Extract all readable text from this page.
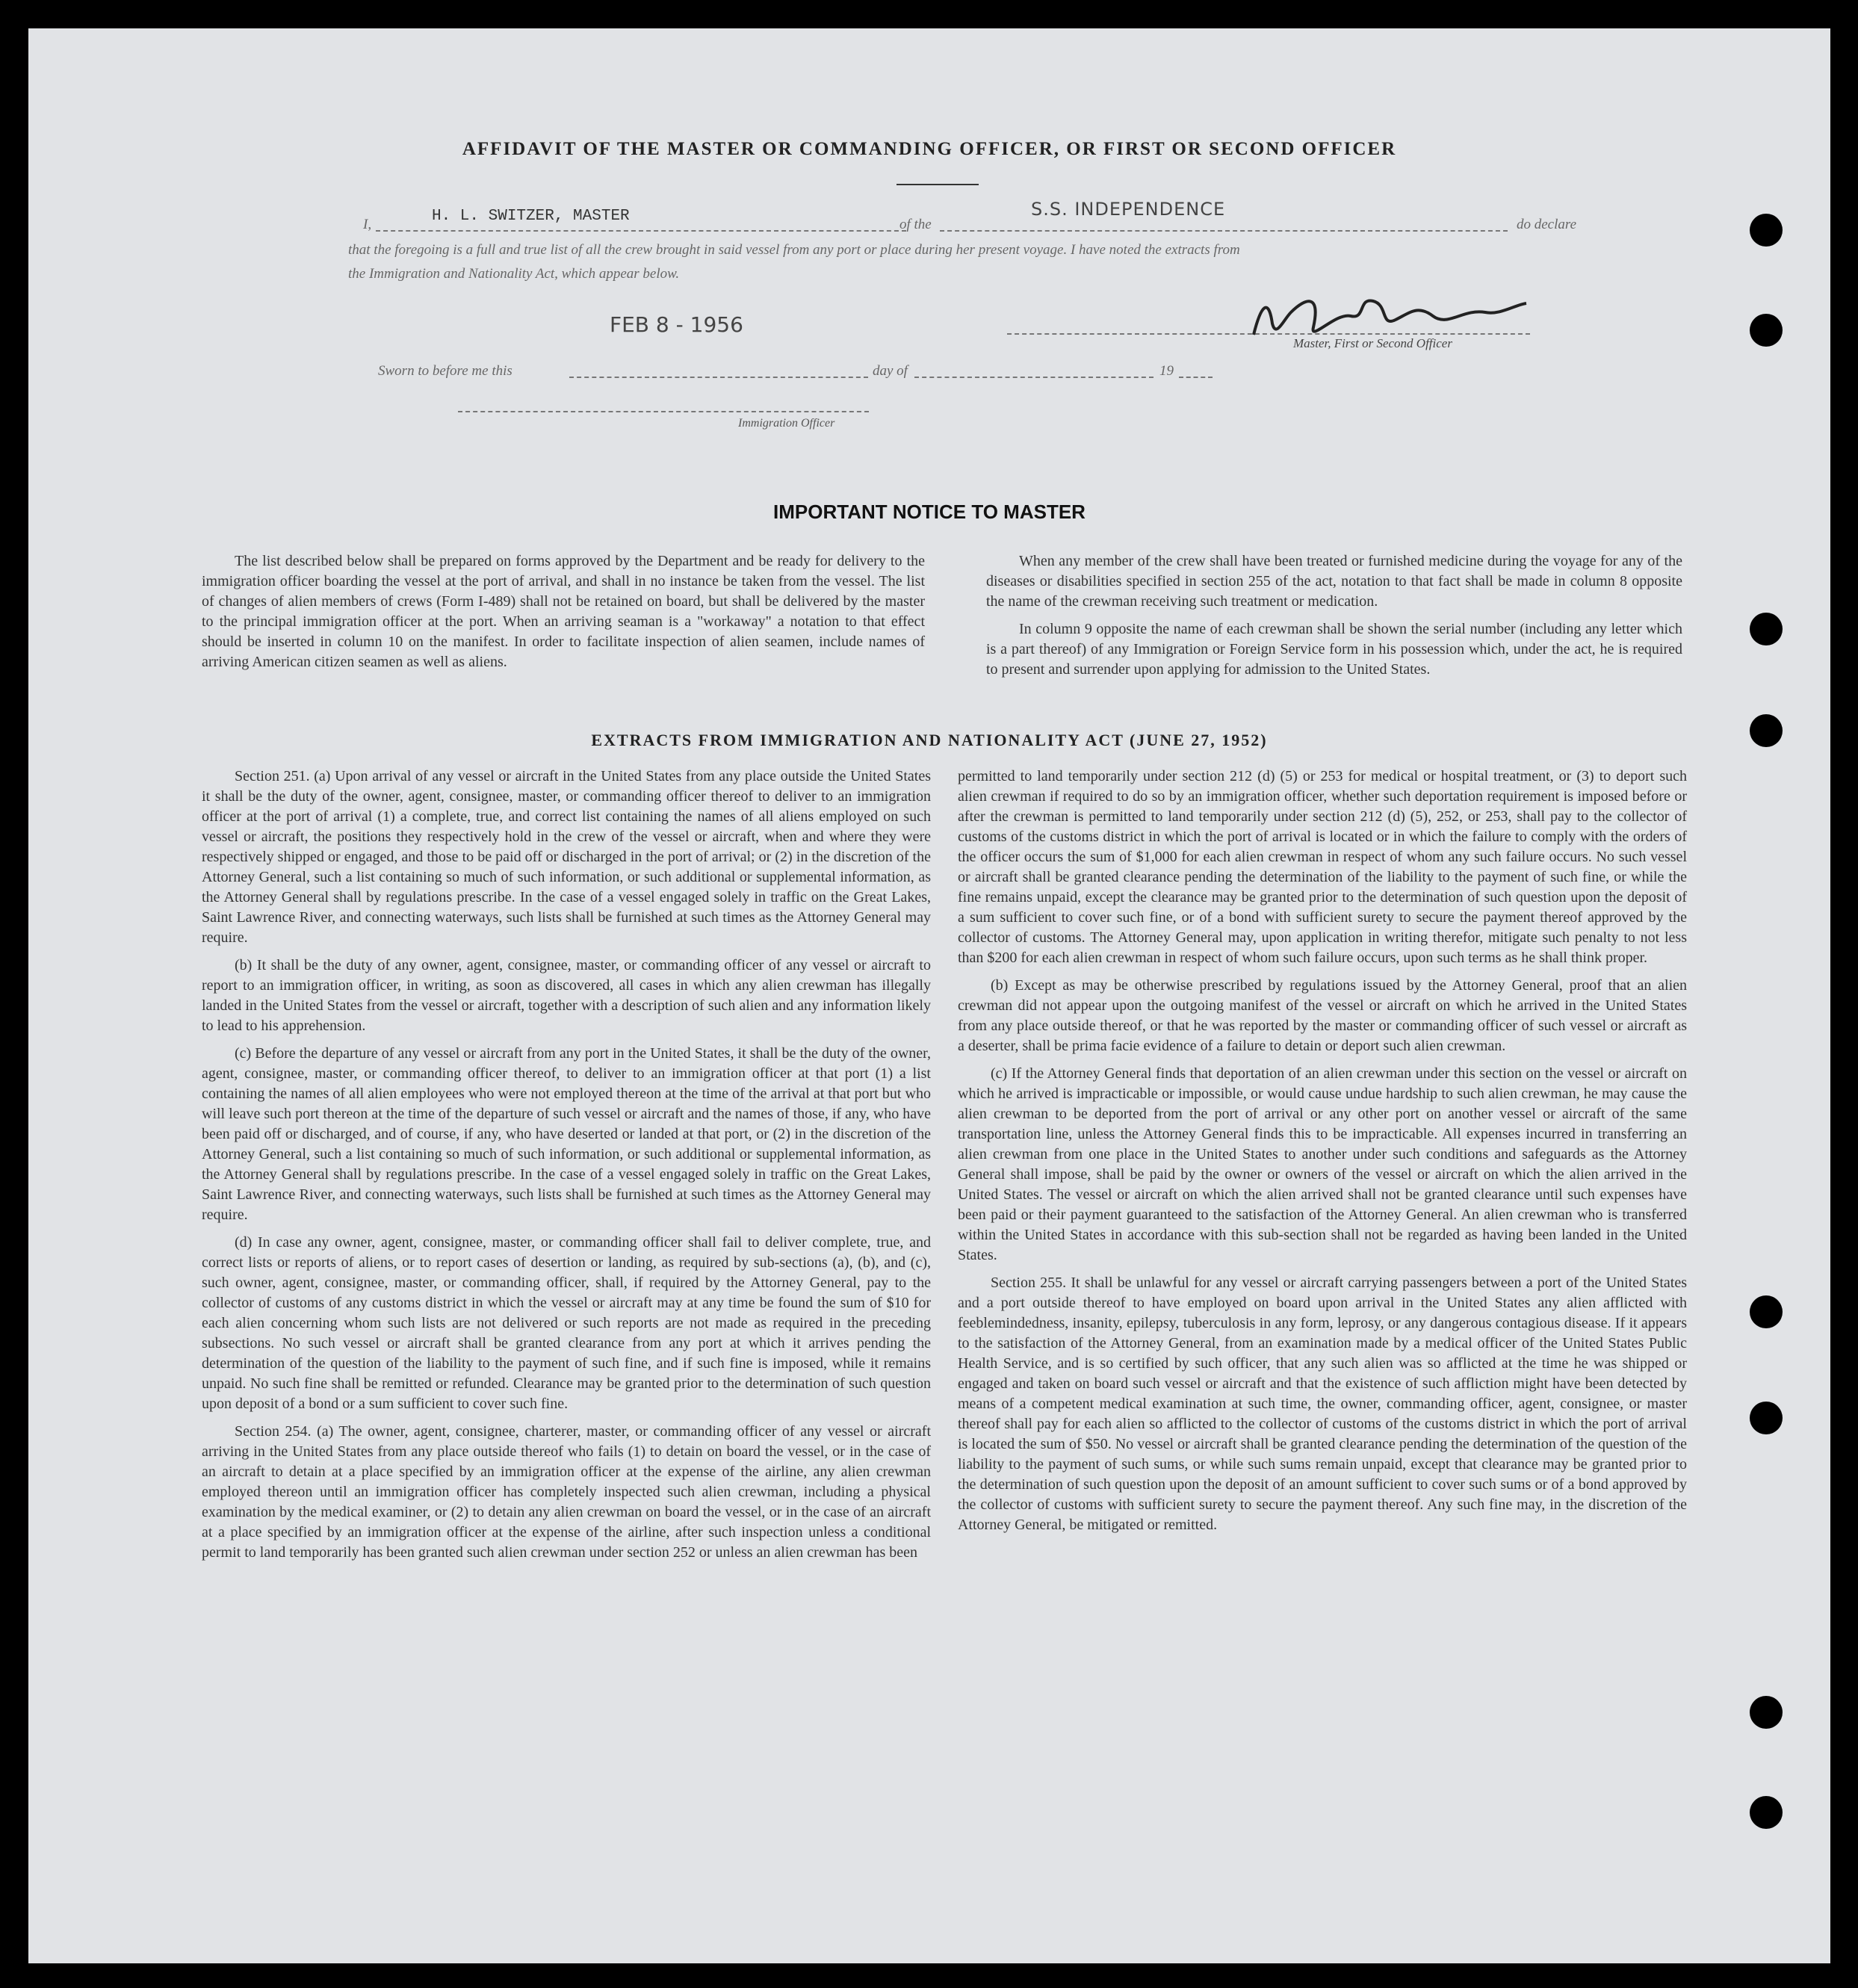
AFFIDAVIT OF THE MASTER OR COMMANDING OFFICER, OR FIRST OR SECOND OFFICER
I,	H. L. SWITZER, MASTER	of the
S.S. INDEPENDENCE
do declare
that the foregoing is a full and true list of all the crew brought in said vessel from any port or place during her present voyage. I have noted the extracts from
the Immigration and Nationality Act, which appear below.
FEB 8 - 1956
Master, First or Second Officer
Sworn to before me this	day of	19
Immigration Officer
IMPORTANT NOTICE TO MASTER

The list described below shall be prepared on forms approved by the Department and be ready for delivery to the immigration officer boarding the vessel at the port of arrival, and shall in no instance be taken from the vessel. The list of changes of alien members of crews (Form I-489) shall not be retained on board, but shall be delivered by the master to the principal immigration officer at the port. When an arriving seaman is a "workaway" a notation to that effect should be inserted in column 10 on the manifest. In order to facilitate inspection of alien seamen, include names of arriving American citizen seamen as well as aliens.

When any member of the crew shall have been treated or furnished medicine during the voyage for any of the diseases or disabilities specified in section 255 of the act, notation to that fact shall be made in column 8 opposite the name of the crewman receiving such treatment or medication.

In column 9 opposite the name of each crewman shall be shown the serial number (including any letter which is a part thereof) of any Immigration or Foreign Service form in his possession which, under the act, he is required to present and surrender upon applying for admission to the United States.

EXTRACTS FROM IMMIGRATION AND NATIONALITY ACT (JUNE 27, 1952)

Section 251. (a) Upon arrival of any vessel or aircraft in the United States from any place outside the United States it shall be the duty of the owner, agent, consignee, master, or commanding officer thereof to deliver to an immigration officer at the port of arrival (1) a complete, true, and correct list containing the names of all aliens employed on such vessel or aircraft, the positions they respectively hold in the crew of the vessel or aircraft, when and where they were respectively shipped or engaged, and those to be paid off or discharged in the port of arrival; or (2) in the discretion of the Attorney General, such a list containing so much of such information, or such additional or supplemental information, as the Attorney General shall by regulations prescribe. In the case of a vessel engaged solely in traffic on the Great Lakes, Saint Lawrence River, and connecting waterways, such lists shall be furnished at such times as the Attorney General may require.

(b) It shall be the duty of any owner, agent, consignee, master, or commanding officer of any vessel or aircraft to report to an immigration officer, in writing, as soon as discovered, all cases in which any alien crewman has illegally landed in the United States from the vessel or aircraft, together with a description of such alien and any information likely to lead to his apprehension.

(c) Before the departure of any vessel or aircraft from any port in the United States, it shall be the duty of the owner, agent, consignee, master, or commanding officer thereof, to deliver to an immigration officer at that port (1) a list containing the names of all alien employees who were not employed thereon at the time of the arrival at that port but who will leave such port thereon at the time of the departure of such vessel or aircraft and the names of those, if any, who have been paid off or discharged, and of course, if any, who have deserted or landed at that port, or (2) in the discretion of the Attorney General, such a list containing so much of such information, or such additional or supplemental information, as the Attorney General shall by regulations prescribe. In the case of a vessel engaged solely in traffic on the Great Lakes, Saint Lawrence River, and connecting waterways, such lists shall be furnished at such times as the Attorney General may require.

(d) In case any owner, agent, consignee, master, or commanding officer shall fail to deliver complete, true, and correct lists or reports of aliens, or to report cases of desertion or landing, as required by sub-sections (a), (b), and (c), such owner, agent, consignee, master, or commanding officer, shall, if required by the Attorney General, pay to the collector of customs of any customs district in which the vessel or aircraft may at any time be found the sum of $10 for each alien concerning whom such lists are not delivered or such reports are not made as required in the preceding subsections. No such vessel or aircraft shall be granted clearance from any port at which it arrives pending the determination of the question of the liability to the payment of such fine, and if such fine is imposed, while it remains unpaid. No such fine shall be remitted or refunded. Clearance may be granted prior to the determination of such question upon deposit of a bond or a sum sufficient to cover such fine.

Section 254. (a) The owner, agent, consignee, charterer, master, or commanding officer of any vessel or aircraft arriving in the United States from any place outside thereof who fails (1) to detain on board the vessel, or in the case of an aircraft to detain at a place specified by an immigration officer at the expense of the airline, any alien crewman employed thereon until an immigration officer has completely inspected such alien crewman, including a physical examination by the medical examiner, or (2) to detain any alien crewman on board the vessel, or in the case of an aircraft at a place specified by an immigration officer at the expense of the airline, after such inspection unless a conditional permit to land temporarily has been granted such alien crewman under section 252 or unless an alien crewman has been

permitted to land temporarily under section 212 (d) (5) or 253 for medical or hospital treatment, or (3) to deport such alien crewman if required to do so by an immigration officer, whether such deportation requirement is imposed before or after the crewman is permitted to land temporarily under section 212 (d) (5), 252, or 253, shall pay to the collector of customs of the customs district in which the port of arrival is located or in which the failure to comply with the orders of the officer occurs the sum of $1,000 for each alien crewman in respect of whom any such failure occurs. No such vessel or aircraft shall be granted clearance pending the determination of the liability to the payment of such fine, or while the fine remains unpaid, except the clearance may be granted prior to the determination of such question upon the deposit of a sum sufficient to cover such fine, or of a bond with sufficient surety to secure the payment thereof approved by the collector of customs. The Attorney General may, upon application in writing therefor, mitigate such penalty to not less than $200 for each alien crewman in respect of whom such failure occurs, upon such terms as he shall think proper.

(b) Except as may be otherwise prescribed by regulations issued by the Attorney General, proof that an alien crewman did not appear upon the outgoing manifest of the vessel or aircraft on which he arrived in the United States from any place outside thereof, or that he was reported by the master or commanding officer of such vessel or aircraft as a deserter, shall be prima facie evidence of a failure to detain or deport such alien crewman.

(c) If the Attorney General finds that deportation of an alien crewman under this section on the vessel or aircraft on which he arrived is impracticable or impossible, or would cause undue hardship to such alien crewman, he may cause the alien crewman to be deported from the port of arrival or any other port on another vessel or aircraft of the same transportation line, unless the Attorney General finds this to be impracticable. All expenses incurred in transferring an alien crewman from one place in the United States to another under such conditions and safeguards as the Attorney General shall impose, shall be paid by the owner or owners of the vessel or aircraft on which the alien arrived in the United States. The vessel or aircraft on which the alien arrived shall not be granted clearance until such expenses have been paid or their payment guaranteed to the satisfaction of the Attorney General. An alien crewman who is transferred within the United States in accordance with this sub-section shall not be regarded as having been landed in the United States.

Section 255. It shall be unlawful for any vessel or aircraft carrying passengers between a port of the United States and a port outside thereof to have employed on board upon arrival in the United States any alien afflicted with feeblemindedness, insanity, epilepsy, tuberculosis in any form, leprosy, or any dangerous contagious disease. If it appears to the satisfaction of the Attorney General, from an examination made by a medical officer of the United States Public Health Service, and is so certified by such officer, that any such alien was so afflicted at the time he was shipped or engaged and taken on board such vessel or aircraft and that the existence of such affliction might have been detected by means of a competent medical examination at such time, the owner, commanding officer, agent, consignee, or master thereof shall pay for each alien so afflicted to the collector of customs of the customs district in which the port of arrival is located the sum of $50. No vessel or aircraft shall be granted clearance pending the determination of the question of the liability to the payment of such sums, or while such sums remain unpaid, except that clearance may be granted prior to the determination of such question upon the deposit of an amount sufficient to cover such sums or of a bond approved by the collector of customs with sufficient surety to secure the payment thereof. Any such fine may, in the discretion of the Attorney General, be mitigated or remitted.
